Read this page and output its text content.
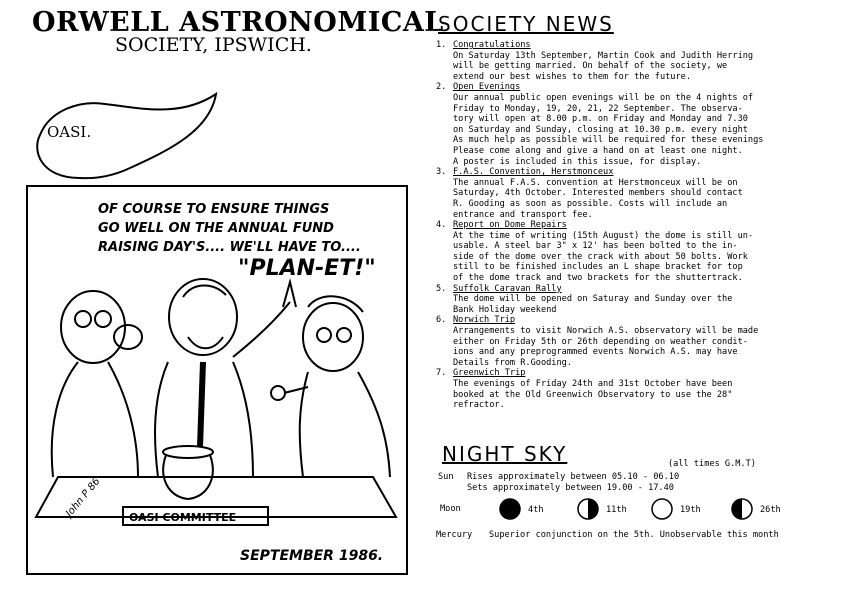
ORWELL ASTRONOMICAL
SOCIETY, IPSWICH.
OASI.
OF COURSE TO ENSURE THINGS
GO WELL ON THE ANNUAL FUND
RAISING DAY'S.... WE'LL HAVE TO....
"PLAN-ET!"
OASI COMMITTEE
John P 86
SEPTEMBER 1986.
SOCIETY NEWS
1. Congratulations
On Saturday 13th September, Martin Cook and Judith Herring
will be getting married. On behalf of the society, we
extend our best wishes to them for the future.
2. Open Evenings
Our annual public open evenings will be on the 4 nights of
Friday to Monday, 19, 20, 21, 22 September. The observa-
tory will open at 8.00 p.m. on Friday and Monday and 7.30
on Saturday and Sunday, closing at 10.30 p.m. every night
As much help as possible will be required for these evenings
Please come along and give a hand on at least one night.
A poster is included in this issue, for display.
3. F.A.S. Convention, Herstmonceux
The annual F.A.S. convention at Herstmonceux will be on
Saturday, 4th October. Interested members should contact
R. Gooding as soon as possible. Costs will include an
entrance and transport fee.
4. Report on Dome Repairs
At the time of writing (15th August) the dome is still un-
usable. A steel bar 3" x 12' has been bolted to the in-
side of the dome over the crack with about 50 bolts. Work
still to be finished includes an L shape bracket for top
of the dome track and two brackets for the shuttertrack.
5. Suffolk Caravan Rally
The dome will be opened on Saturay and Sunday over the
Bank Holiday weekend
6. Norwich Trip
Arrangements to visit Norwich A.S. observatory will be made
either on Friday 5th or 26th depending on weather condit-
ions and any preprogrammed events Norwich A.S. may have
Details from R.Gooding.
7. Greenwich Trip
The evenings of Friday 24th and 31st October have been
booked at the Old Greenwich Observatory to use the 28"
refractor.
NIGHT SKY	(all times G.M.T)
Sun Rises approximately between 05.10 - 06.10
Sets approximately between 19.00 - 17.40
Moon	4th	11th	19th	26th
Mercury Superior conjunction on the 5th. Unobservable this month
